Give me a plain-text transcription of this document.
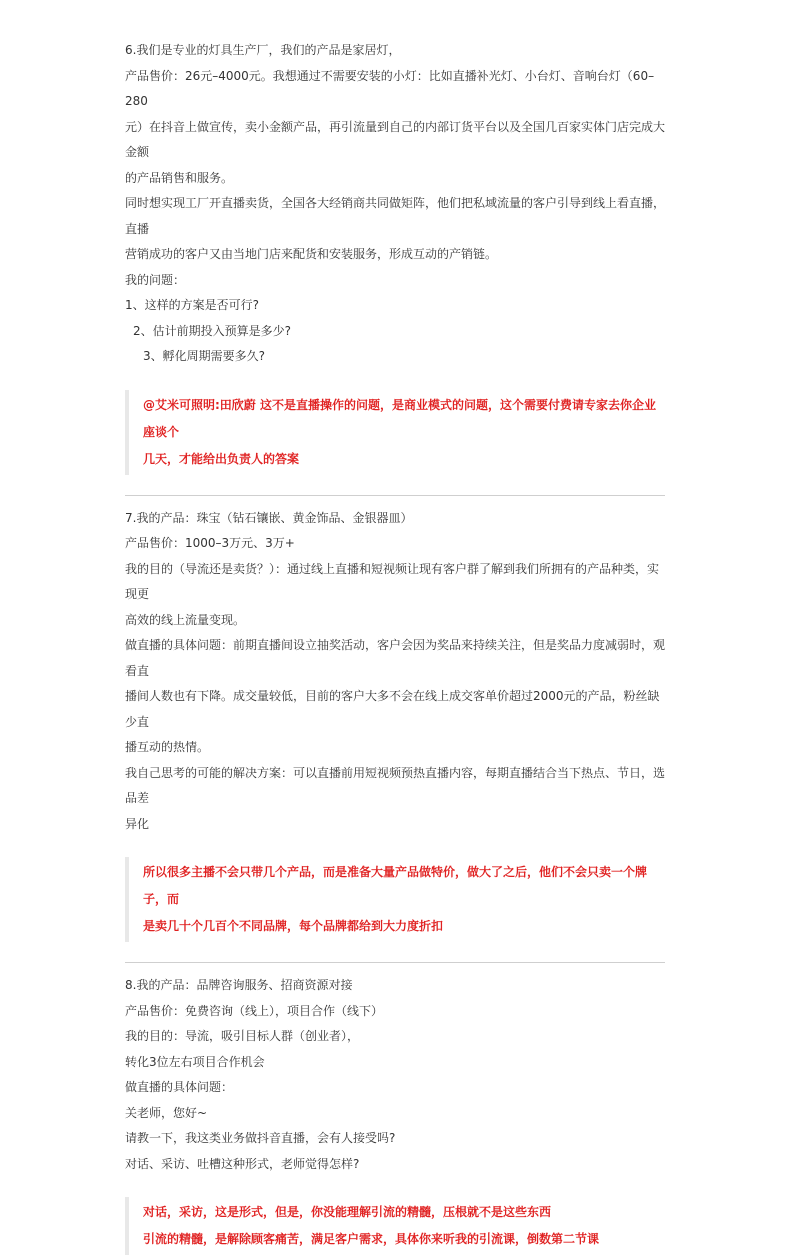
6.我们是专业的灯具生产厂，我们的产品是家居灯，

产品售价：26元–4000元。我想通过不需要安装的小灯：比如直播补光灯、小台灯、音响台灯（60–280

元）在抖音上做宣传，卖小金额产品，再引流量到自己的内部订货平台以及全国几百家实体门店完成大金额

的产品销售和服务。

同时想实现工厂开直播卖货，全国各大经销商共同做矩阵，他们把私域流量的客户引导到线上看直播，直播

营销成功的客户又由当地门店来配货和安装服务，形成互动的产销链。

我的问题：

1、这样的方案是否可行?

2、估计前期投入预算是多少?

3、孵化周期需要多久?

@艾米可照明:田欣蔚 这不是直播操作的问题，是商业模式的问题，这个需要付费请专家去你企业座谈个

几天，才能给出负责人的答案

7.我的产品：珠宝（钻石镶嵌、黄金饰品、金银器皿）

产品售价：1000–3万元、3万+

我的目的（导流还是卖货？）：通过线上直播和短视频让现有客户群了解到我们所拥有的产品种类，实现更

高效的线上流量变现。

做直播的具体问题：前期直播间设立抽奖活动，客户会因为奖品来持续关注，但是奖品力度减弱时，观看直

播间人数也有下降。成交量较低，目前的客户大多不会在线上成交客单价超过2000元的产品，粉丝缺少直

播互动的热情。

我自己思考的可能的解决方案：可以直播前用短视频预热直播内容，每期直播结合当下热点、节日，选品差

异化

所以很多主播不会只带几个产品，而是准备大量产品做特价，做大了之后，他们不会只卖一个牌子，而

是卖几十个几百个不同品牌，每个品牌都给到大力度折扣

8.我的产品：品牌咨询服务、招商资源对接

产品售价：免费咨询（线上），项目合作（线下）

我的目的：导流，吸引目标人群（创业者），

转化3位左右项目合作机会

做直播的具体问题：

关老师，您好~

请教一下，我这类业务做抖音直播，会有人接受吗?

对话、采访、吐槽这种形式，老师觉得怎样?

对话，采访，这是形式，但是，你没能理解引流的精髓，压根就不是这些东西

引流的精髓，是解除顾客痛苦，满足客户需求，具体你来听我的引流课，倒数第二节课
